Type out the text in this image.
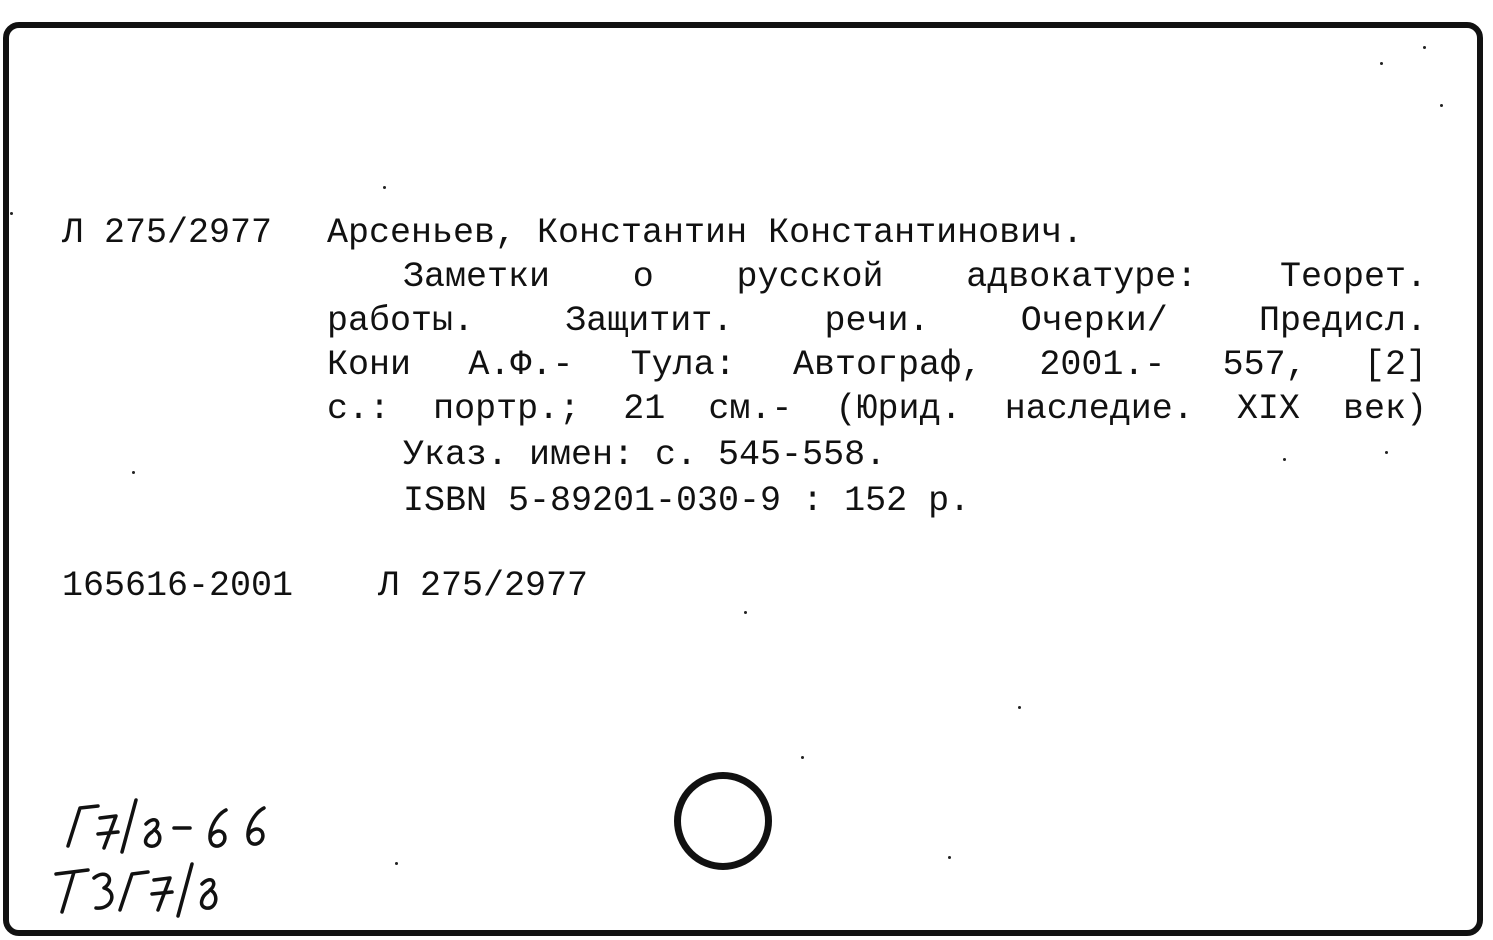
Л 275/2977 Арсеньев, Константин Константинович.
Заметки о русской адвокатуре: Теорет.
работы. Защитит. речи. Очерки/ Предисл.
Кони А.Ф.- Тула: Автограф, 2001.- 557, [2]
с.: портр.; 21 см.- (Юрид. наследие. XIX век)
Указ. имен: с. 545-558.
ISBN 5-89201-030-9 : 152 р.
165616-2001 Л 275/2977
